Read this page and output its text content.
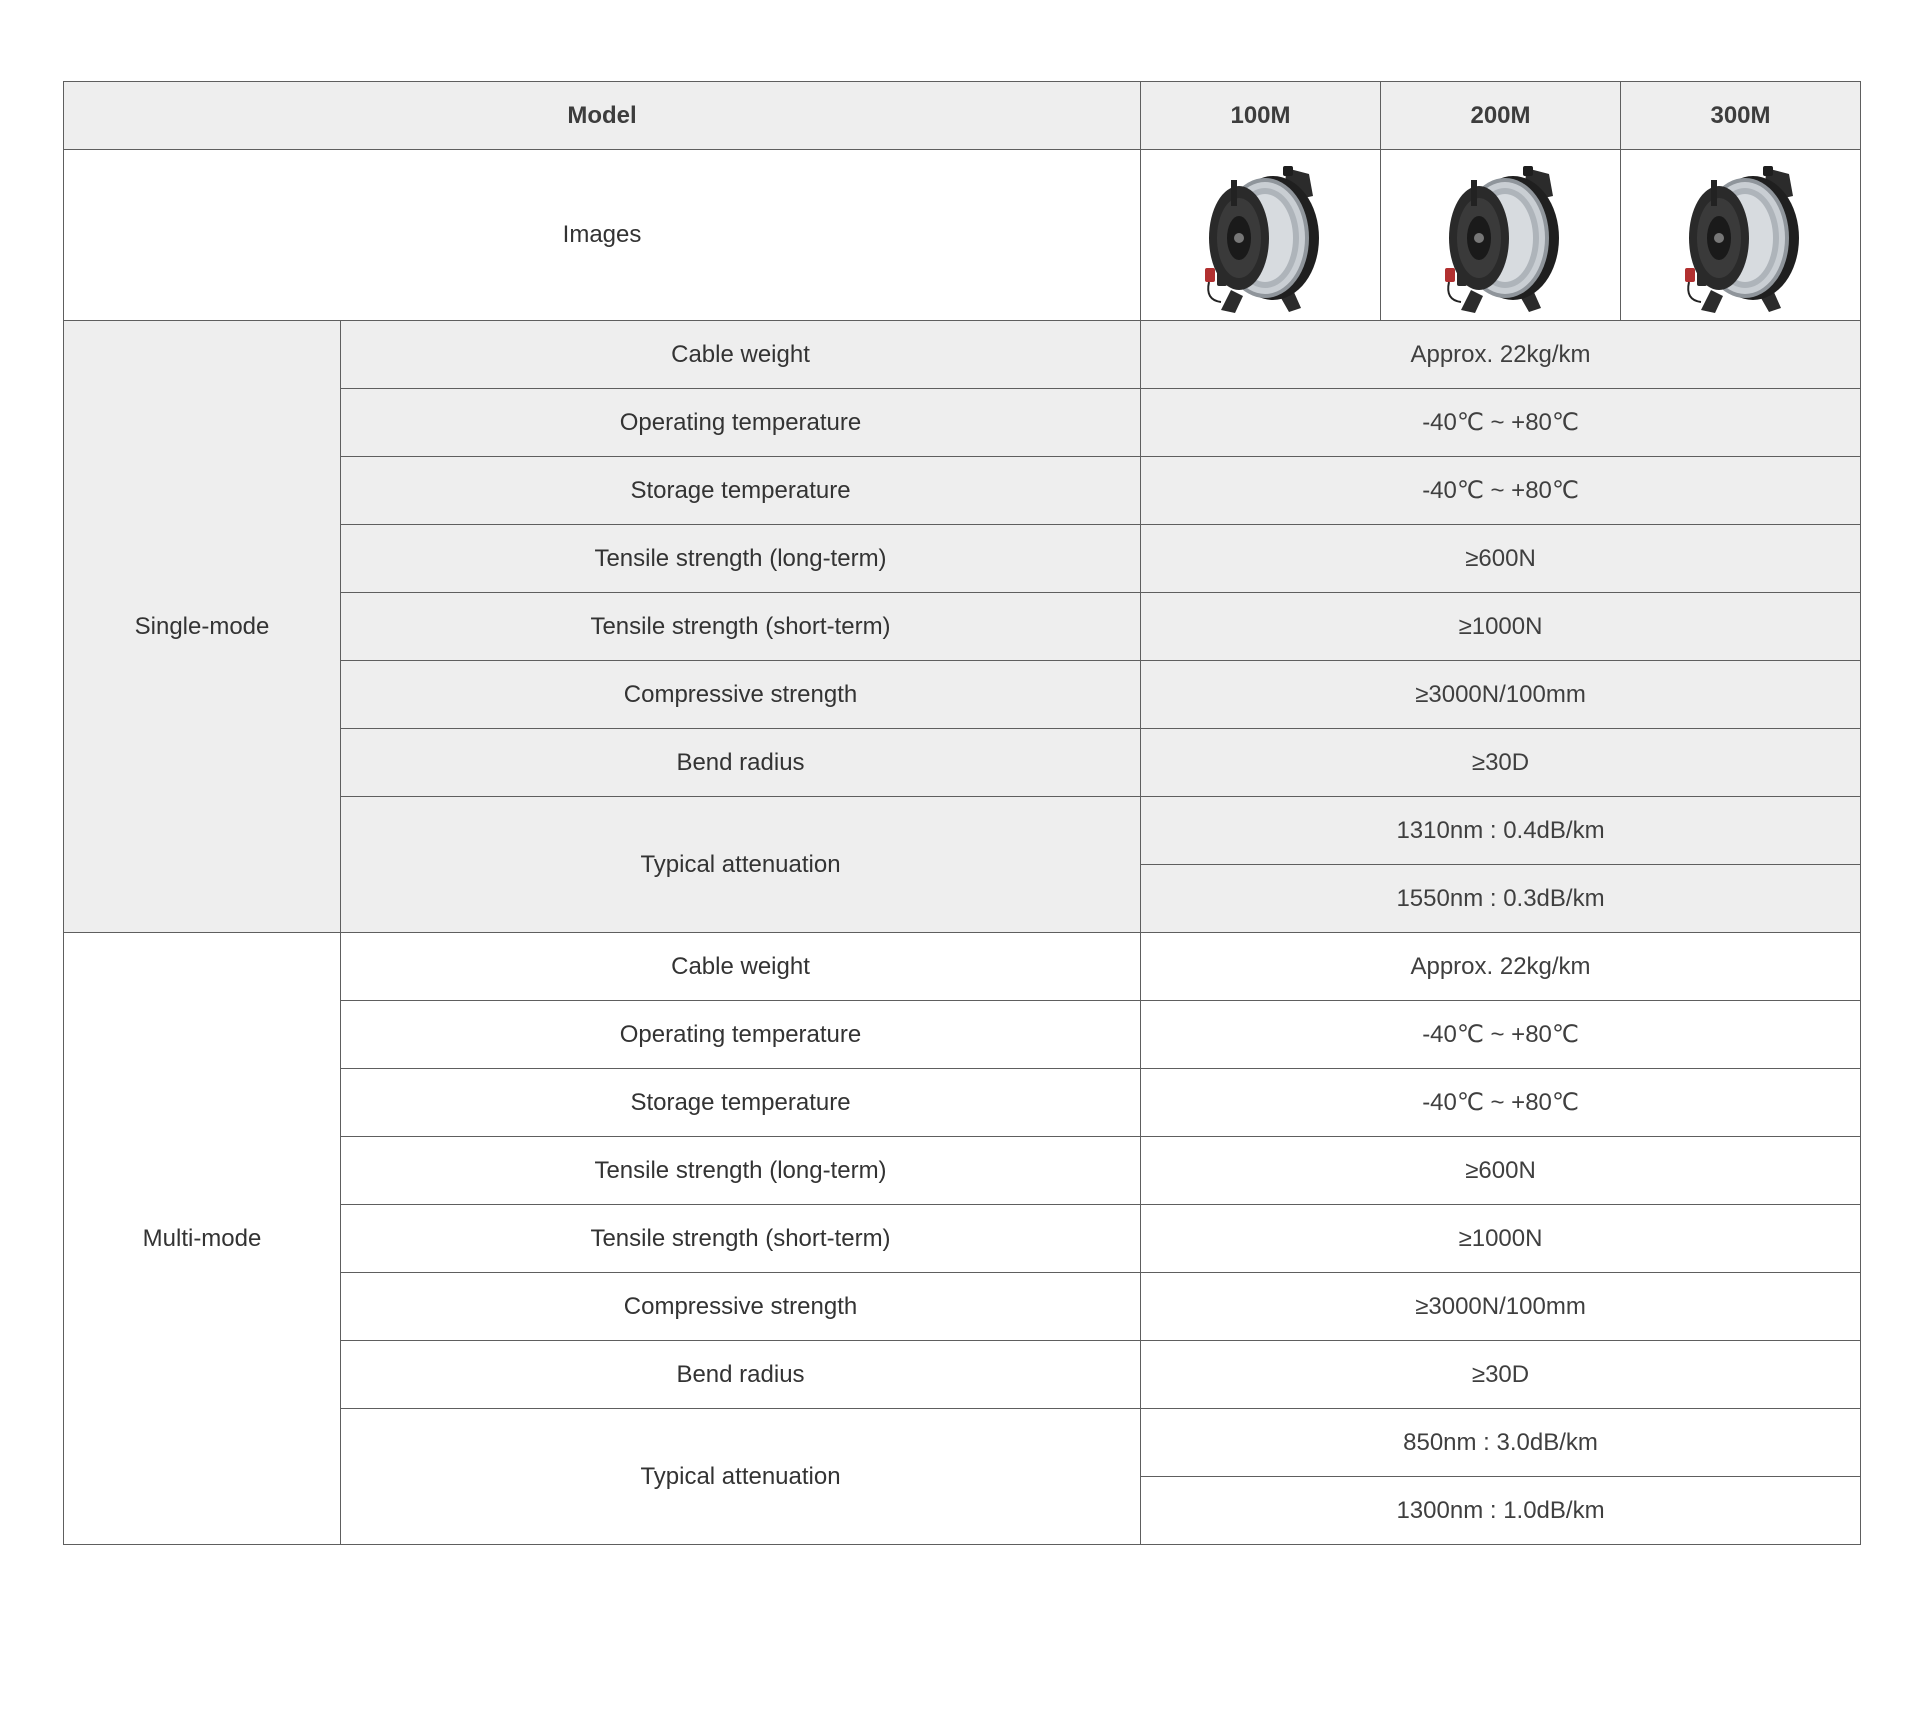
Model		100M	200M	300M
Images			
Single-mode	Cable weight	Approx. 22kg/km		
	Operating temperature	-40℃ ~ +80℃		
	Storage temperature	-40℃ ~ +80℃		
	Tensile strength (long-term)	≥600N		
	Tensile strength (short-term)	≥1000N		
	Compressive strength	≥3000N/100mm		
	Bend radius	≥30D		
	Typical attenuation	1310nm : 0.4dB/km		
		1550nm : 0.3dB/km		
Multi-mode	Cable weight	Approx. 22kg/km		
	Operating temperature	-40℃ ~ +80℃		
	Storage temperature	-40℃ ~ +80℃		
	Tensile strength (long-term)	≥600N		
	Tensile strength (short-term)	≥1000N		
	Compressive strength	≥3000N/100mm		
	Bend radius	≥30D		
	Typical attenuation	850nm : 3.0dB/km		
		1300nm : 1.0dB/km		
